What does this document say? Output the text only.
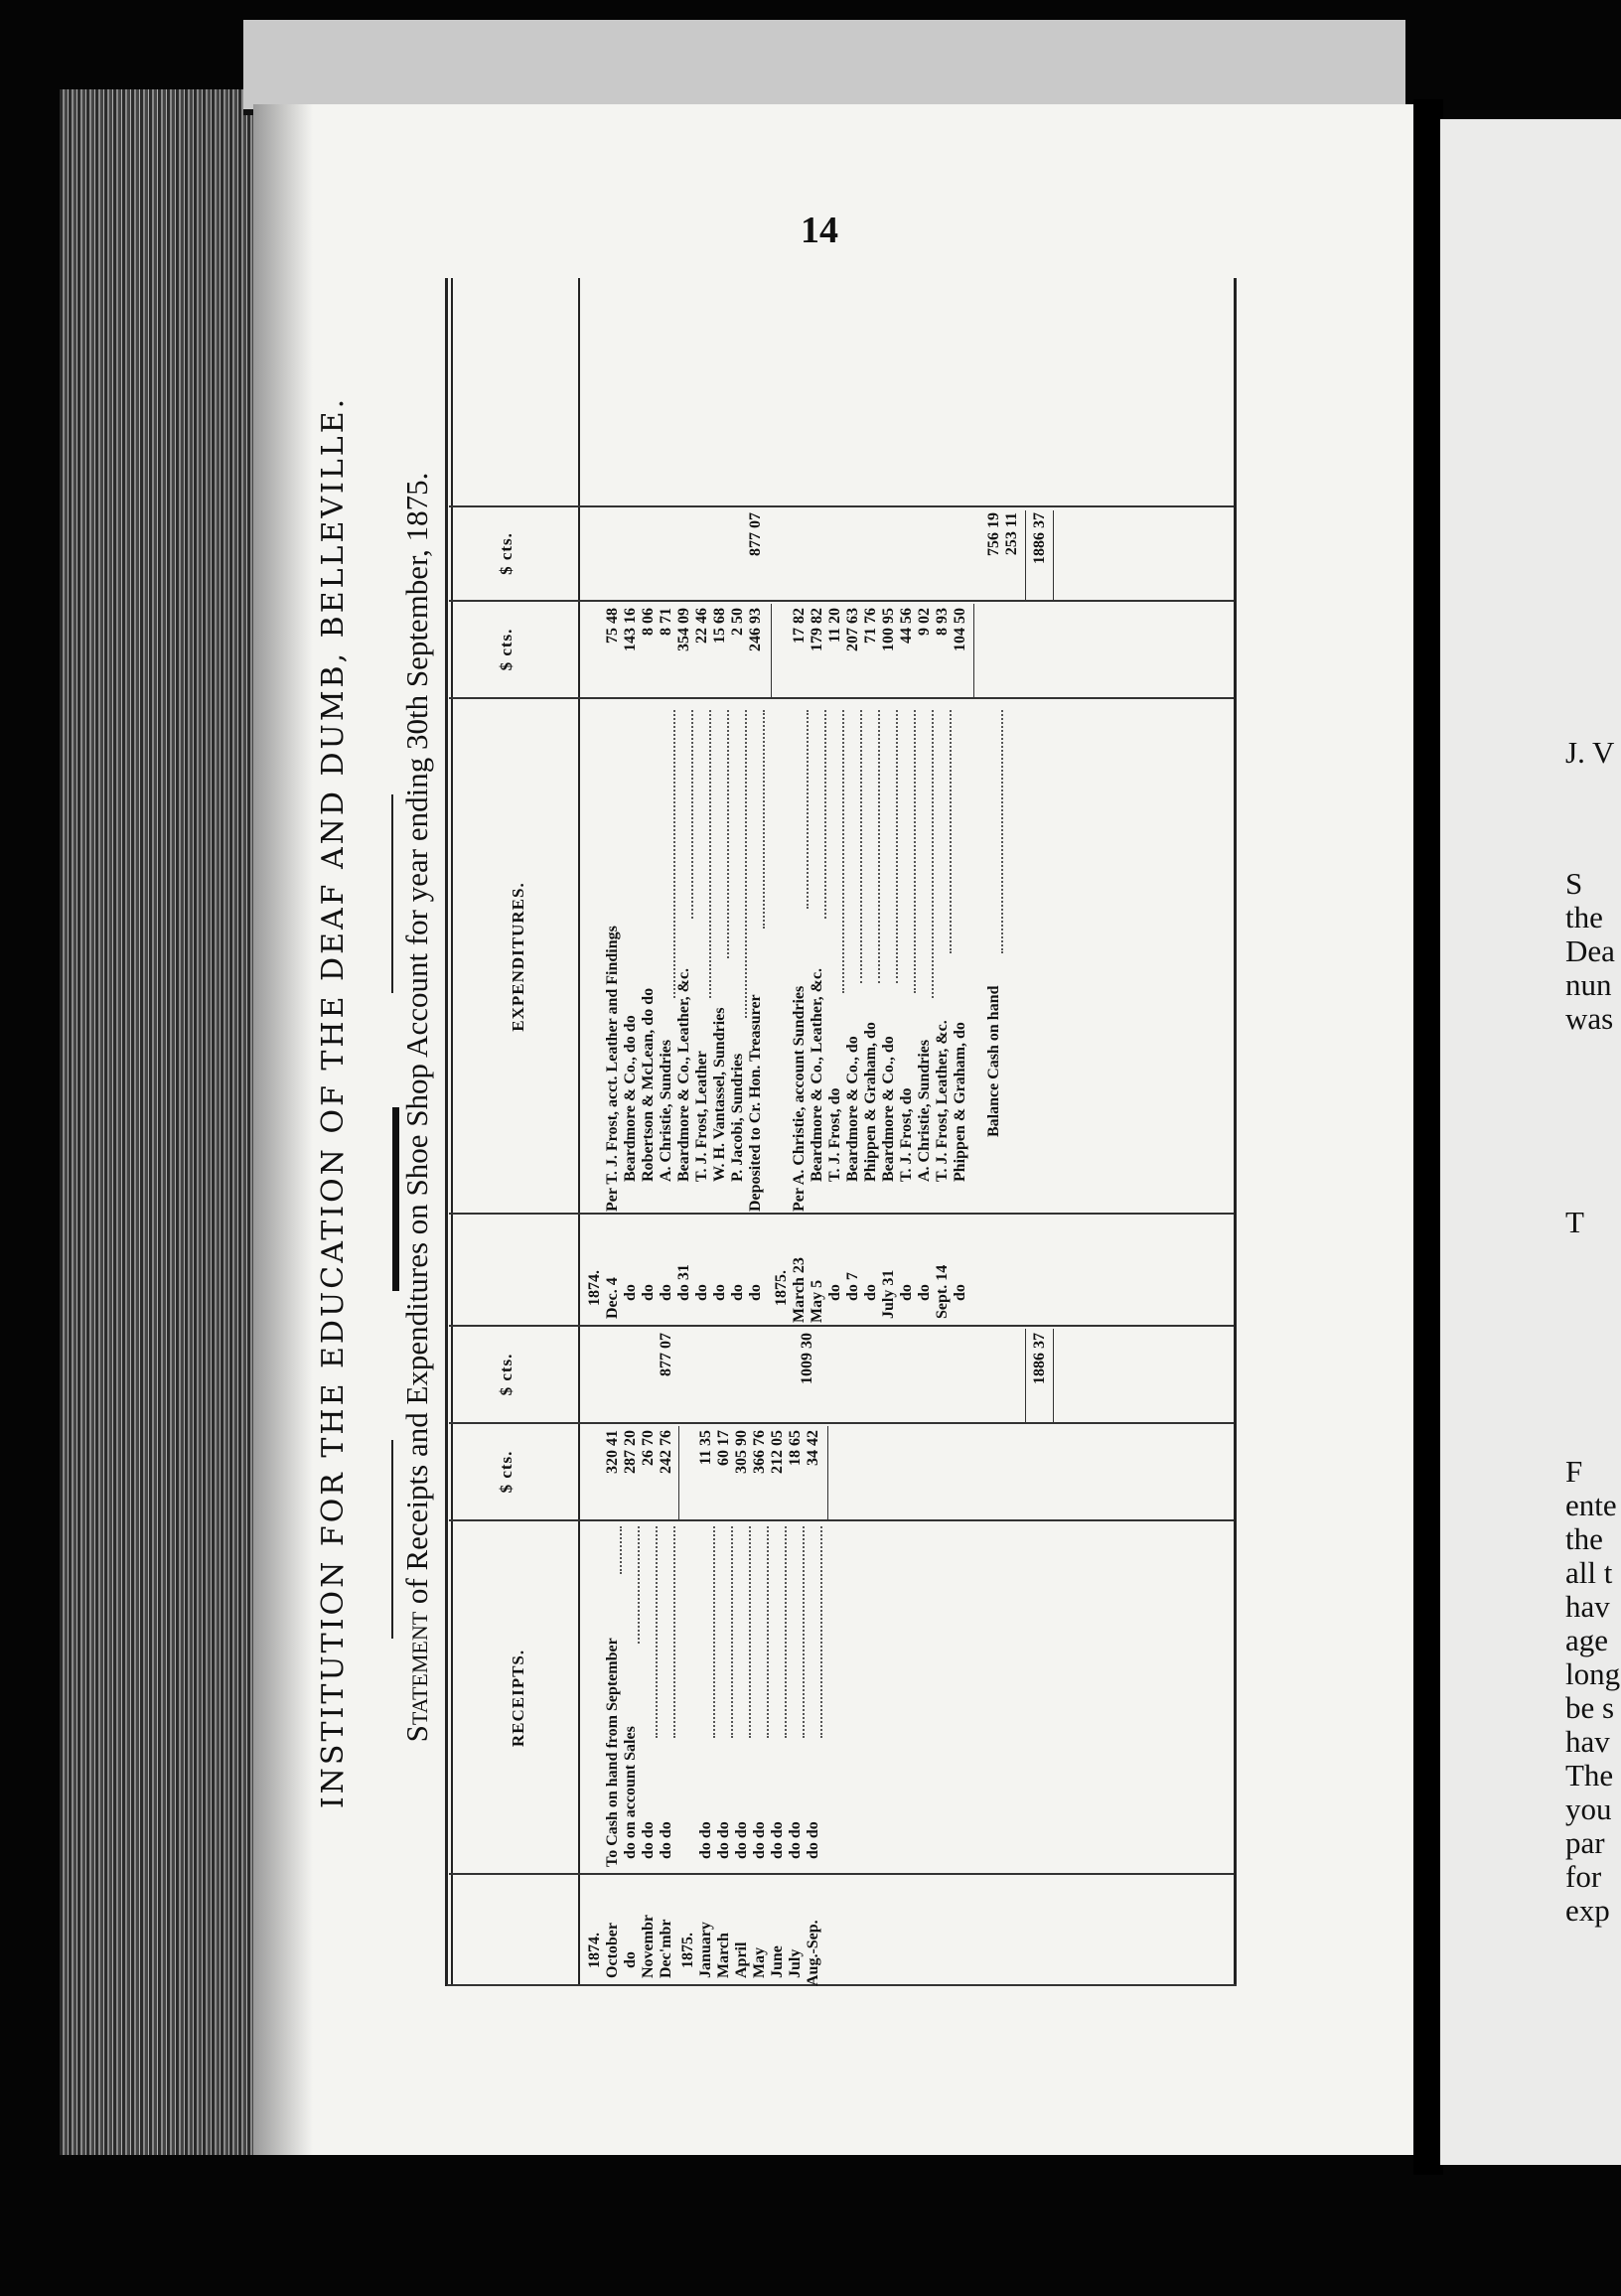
J. V
S
the
Dea
nun
was
T
F
ente
the
all t
hav
age
long
be s
hav
The
you
par
for
exp
14
INSTITUTION FOR THE EDUCATION OF THE DEAF AND DUMB, BELLEVILLE. Statement of Receipts and Expenditures on Shoe Shop Account for year ending 30th September, 1875.
RECEIPTS.
$ cts.
$ cts.
EXPENDITURES.
$ cts.
$ cts.
1874. October
To Cash on hand from September
320 41
do
do on account Sales
287 20
Novembr
do do
26 70
Dec'mbr
do do
242 76
877 07
1875. January
do do
11 35
March
do do
60 17
April
do do
305 90
May
do do
366 76
June
do do
212 05
July
do do
18 65
Aug.-Sep.
do do
34 42
1009 30	1886 37
1874. Dec. 4
Per T. J. Frost, acct. Leather and Findings
75 48
do
Beardmore & Co., do do
143 16
do
Robertson & McLean, do do
8 06
do
A. Christie, Sundries
8 71
do 31
Beardmore & Co., Leather, &c.
354 09
do
T. J. Frost, Leather
22 46
do
W. H. Vantassel, Sundries
15 68
do
P. Jacobi, Sundries
2 50
do
Deposited to Cr. Hon. Treasurer
246 93
877 07
1875. March 23
Per A. Christie, account Sundries
17 82
May 5
Beardmore & Co., Leather, &c.
179 82
do
T. J. Frost, do
11 20
do 7
Beardmore & Co., do
207 63
do
Phippen & Graham, do
71 76
July 31
Beardmore & Co., do
100 95
do
T. J. Frost, do
44 56
do
A. Christie, Sundries
9 02
Sept. 14
T. J. Frost, Leather, &c.
8 93
do
Phippen & Graham, do
104 50
Balance Cash on hand
756 19 253 11 1886 37
